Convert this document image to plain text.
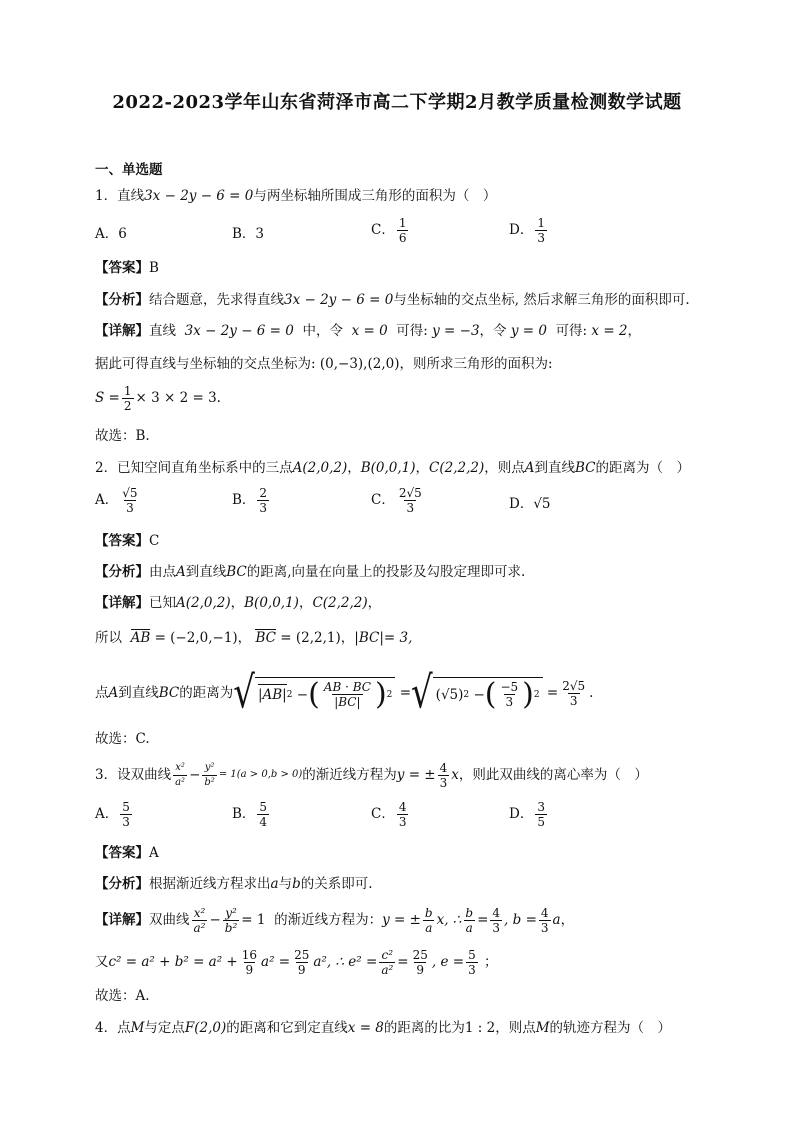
2022-2023学年山东省菏泽市高二下学期2月教学质量检测数学试题
一、单选题
1．直线3x − 2y − 6 = 0与两坐标轴所围成三角形的面积为（　）
A．6	B．3	C． $\frac{1}{6}$	D． $\frac{1}{3}$
【答案】B
【分析】结合题意，先求得直线3x − 2y − 6 = 0与坐标轴的交点坐标, 然后求解三角形的面积即可.
【详解】直线 3x − 2y − 6 = 0 中，令 x = 0 可得: y = −3，令 y = 0 可得: x = 2，
据此可得直线与坐标轴的交点坐标为: (0,−3),(2,0)，则所求三角形的面积为:
$S = \frac{1}{2} \times 3 \times 2 = 3$.
故选：B.
2．已知空间直角坐标系中的三点A(2,0,2)，B(0,0,1)，C(2,2,2)，则点A到直线BC的距离为（　）
A． $\frac{√5}{3}$	B． $\frac{2}{3}$	C． $\frac{2√5}{3}$	D．√5
【答案】C
【分析】由点A到直线BC的距离,向量在向量上的投影及勾股定理即可求.
【详解】已知A(2,0,2)，B(0,0,1)，C(2,2,2)，
所以 AB = (−2,0,−1)， BC = (2,2,1)，|BC|= 3,
点 A 到直线 BC 的距离为 √ |AB| 2
− ( $\frac{AB \cdot BC}{|BC|}$ ) 2
= √ (√5) 2
− ( $\frac{-5}{3}$ ) 2
= $\frac{2√5}{3}$ .
故选：C.
3． 设双曲线 $\frac{\text{x²}}{\text{a²}} - \frac{\text{y²}}{\text{b²}} = 1(a > 0,b > 0)$ 的渐近线方程为 y = ± $\frac{4}{3}$ x ，则此双曲线的离心率为（　）
A． $\frac{5}{3}$	B． $\frac{5}{4}$	C． $\frac{4}{3}$	D． $\frac{3}{5}$
【答案】A
【分析】根据渐近线方程求出a与b的关系即可.
【详解】 双曲线 $\frac{\text{x²}}{\text{a²}} - \frac{\text{y²}}{\text{b²}} = 1$
的渐近线方程为： y = ± $\frac{b}{a} x$, ∴ $\frac{b}{a} = \frac{4}{3}$ , $b = \frac{4}{3}$ a ，
又 $c^2 = a^2 + b^2 = a^2 + \frac{16}{9} a^2 = \frac{25}{9} a^2$, ∴ $e^2 = \frac{\text{c²}}{\text{a²}} = \frac{25}{9}$ , $e = \frac{5}{3}$
；
故选：A.
4．点M与定点F(2,0)的距离和它到定直线x = 8的距离的比为1 : 2，则点M的轨迹方程为（　）
